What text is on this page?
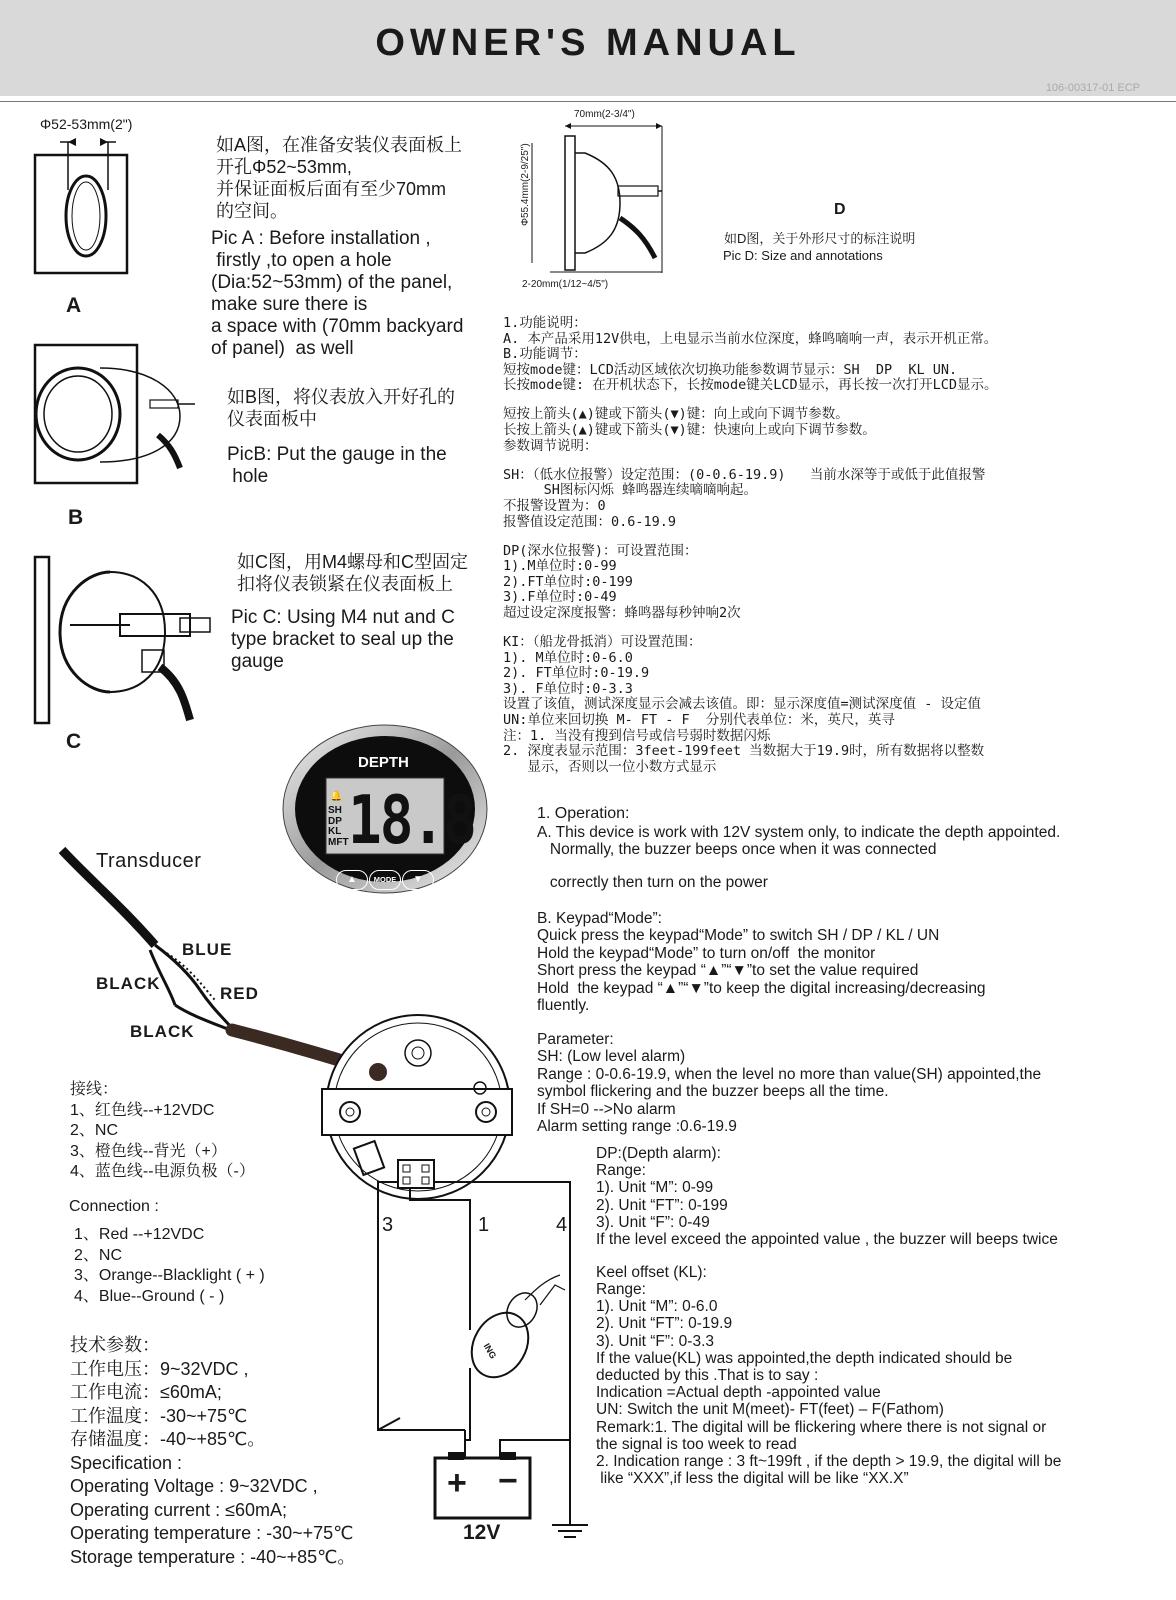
OWNER'S MANUAL
106-00317-01 ECP
Φ52-53mm(2")
A
如A图，在准备安装仪表面板上
开孔Φ52~53mm,
并保证面板后面有至少70mm
的空间。
Pic A : Before installation ,
firstly ,to open a hole
(Dia:52~53mm) of the panel,
make sure there is
a space with (70mm backyard
of panel)  as well
B
如B图，将仪表放入开好孔的
仪表面板中
PicB: Put the gauge in the
hole
C
如C图，用M4螺母和C型固定
扣将仪表锁紧在仪表面板上
Pic C: Using M4 nut and C
type bracket to seal up the
gauge
70mm(2-3/4")
Φ55.4mm(2-9/25")
2-20mm(1/12~4/5")
D
如D图，关于外形尺寸的标注说明
Pic D: Size and annotations
1.功能说明：
A. 本产品采用12V供电，上电显示当前水位深度，蜂鸣嘀响一声，表示开机正常。
B.功能调节：
短按mode键：LCD活动区域依次切换功能参数调节显示：SH  DP  KL UN.
长按mode键: 在开机状态下，长按mode键关LCD显示，再长按一次打开LCD显示。
短按上箭头(▲)键或下箭头(▼)键：向上或向下调节参数。
长按上箭头(▲)键或下箭头(▼)键：快速向上或向下调节参数。
参数调节说明：
SH：（低水位报警）设定范围：(0-0.6-19.9)   当前水深等于或低于此值报警
SH图标闪烁 蜂鸣器连续嘀嘀响起。
不报警设置为：0
报警值设定范围：0.6-19.9
DP(深水位报警)：可设置范围：
1).M单位时:0-99
2).FT单位时:0-199
3).F单位时:0-49
超过设定深度报警：蜂鸣器每秒钟响2次
KI：（船龙骨抵消）可设置范围：
1). M单位时:0-6.0
2). FT单位时:0-19.9
3). F单位时:0-3.3
设置了该值，测试深度显示会减去该值。即：显示深度值=测试深度值 - 设定值
UN:单位来回切换 M- FT - F  分别代表单位：米，英尺，英寻
注：1. 当没有搜到信号或信号弱时数据闪烁
2. 深度表显示范围：3feet-199feet 当数据大于19.9时，所有数据将以整数
显示，否则以一位小数方式显示
DEPTH
🔔
SH
DP
KL
MFT 18.8
▲	MODE	▼
Transducer
BLUE
BLACK
RED
BLACK
3	1	4
ING
+ −
12V
接线：
1、红色线--+12VDC
2、NC
3、橙色线--背光（+）
4、蓝色线--电源负极（-）
Connection :
1、Red --+12VDC
2、NC
3、Orange--Blacklight ( + )
4、Blue--Ground ( - )
技术参数：
工作电压：9~32VDC ,
工作电流：≤60mA;
工作温度：-30~+75℃
存储温度：-40~+85℃。
Specification :
Operating Voltage : 9~32VDC ,
Operating current : ≤60mA;
Operating temperature : -30~+75℃
Storage temperature : -40~+85℃。
1. Operation:
A. This device is work with 12V system only, to indicate the depth appointed.
Normally, the buzzer beeps once when it was connected
correctly then turn on the power
B. Keypad“Mode”:
Quick press the keypad“Mode” to switch SH / DP / KL / UN
Hold the keypad“Mode” to turn on/off  the monitor
Short press the keypad “▲”“▼”to set the value required
Hold  the keypad “▲”“▼”to keep the digital increasing/decreasing
fluently.
Parameter:
SH: (Low level alarm)
Range : 0-0.6-19.9, when the level no more than value(SH) appointed,the
symbol flickering and the buzzer beeps all the time.
If SH=0 -->No alarm
Alarm setting range :0.6-19.9
DP:(Depth alarm):
Range:
1). Unit “M”: 0-99
2). Unit “FT”: 0-199
3). Unit “F”: 0-49
If the level exceed the appointed value , the buzzer will beeps twice
Keel offset (KL):
Range:
1). Unit “M”: 0-6.0
2). Unit “FT”: 0-19.9
3). Unit “F”: 0-3.3
If the value(KL) was appointed,the depth indicated should be
deducted by this .That is to say :
Indication =Actual depth -appointed value
UN: Switch the unit M(meet)- FT(feet) – F(Fathom)
Remark:1. The digital will be flickering where there is not signal or
the signal is too week to read
2. Indication range : 3 ft~199ft , if the depth > 19.9, the digital will be
like “XXX”,if less the digital will be like “XX.X”
